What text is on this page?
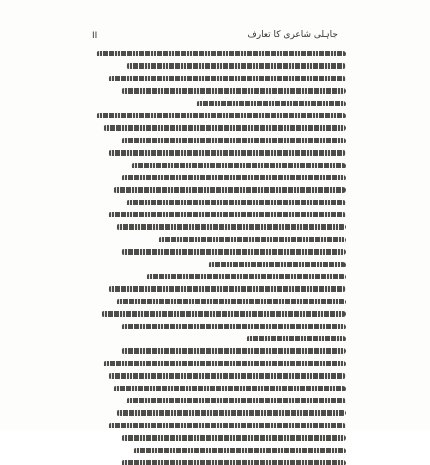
II	جاہلی شاعری کا تعارف
